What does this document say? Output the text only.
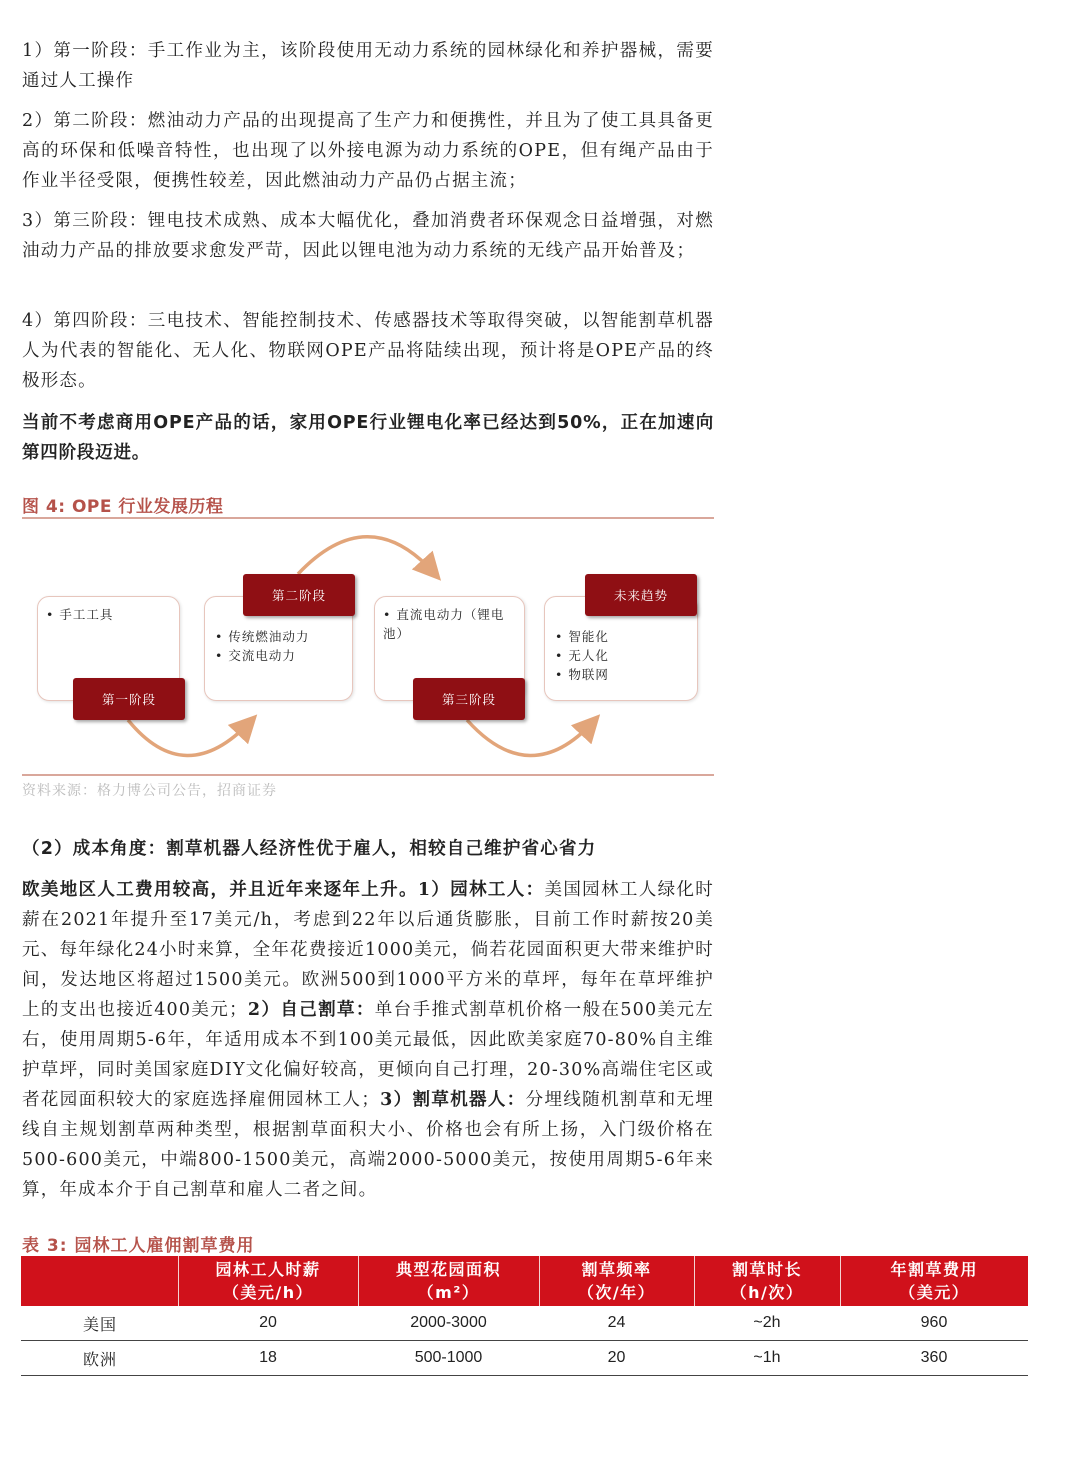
1）第一阶段：手工作业为主，该阶段使用无动力系统的园林绿化和养护器械，需要通过人工操作

2）第二阶段：燃油动力产品的出现提高了生产力和便携性，并且为了使工具具备更高的环保和低噪音特性，也出现了以外接电源为动力系统的OPE，但有绳产品由于作业半径受限，便携性较差，因此燃油动力产品仍占据主流；

3）第三阶段：锂电技术成熟、成本大幅优化，叠加消费者环保观念日益增强，对燃油动力产品的排放要求愈发严苛，因此以锂电池为动力系统的无线产品开始普及；

4）第四阶段：三电技术、智能控制技术、传感器技术等取得突破，以智能割草机器人为代表的智能化、无人化、物联网OPE产品将陆续出现，预计将是OPE产品的终极形态。

当前不考虑商用OPE产品的话，家用OPE行业锂电化率已经达到50%，正在加速向第四阶段迈进。

图 4: OPE 行业发展历程
• 手工工具
• 传统燃油动力
• 交流电动力
• 直流电动力（锂电池）	• 智能化
• 无人化
• 物联网
第一阶段
第二阶段
第三阶段
未来趋势
资料来源：格力博公司公告，招商证券
（2）成本角度：割草机器人经济性优于雇人，相较自己维护省心省力

欧美地区人工费用较高，并且近年来逐年上升。1）园林工人：美国园林工人绿化时薪在2021年提升至17美元/h，考虑到22年以后通货膨胀，目前工作时薪按20美元、每年绿化24小时来算，全年花费接近1000美元，倘若花园面积更大带来维护时间，发达地区将超过1500美元。欧洲500到1000平方米的草坪，每年在草坪维护上的支出也接近400美元；2）自己割草：单台手推式割草机价格一般在500美元左右，使用周期5-6年，年适用成本不到100美元最低，因此欧美家庭70-80%自主维护草坪，同时美国家庭DIY文化偏好较高，更倾向自己打理，20-30%高端住宅区或者花园面积较大的家庭选择雇佣园林工人；3）割草机器人：分埋线随机割草和无埋线自主规划割草两种类型，根据割草面积大小、价格也会有所上扬，入门级价格在500-600美元，中端800-1500美元，高端2000-5000美元，按使用周期5-6年来算，年成本介于自己割草和雇人二者之间。

表 3: 园林工人雇佣割草费用
	园林工人时薪
（美元/h）	典型花园面积
（m²）	割草频率
（次/年）	割草时长
（h/次）	年割草费用
（美元）
美国	20	2000-3000	24	~2h	960
欧洲	18	500-1000	20	~1h	360
